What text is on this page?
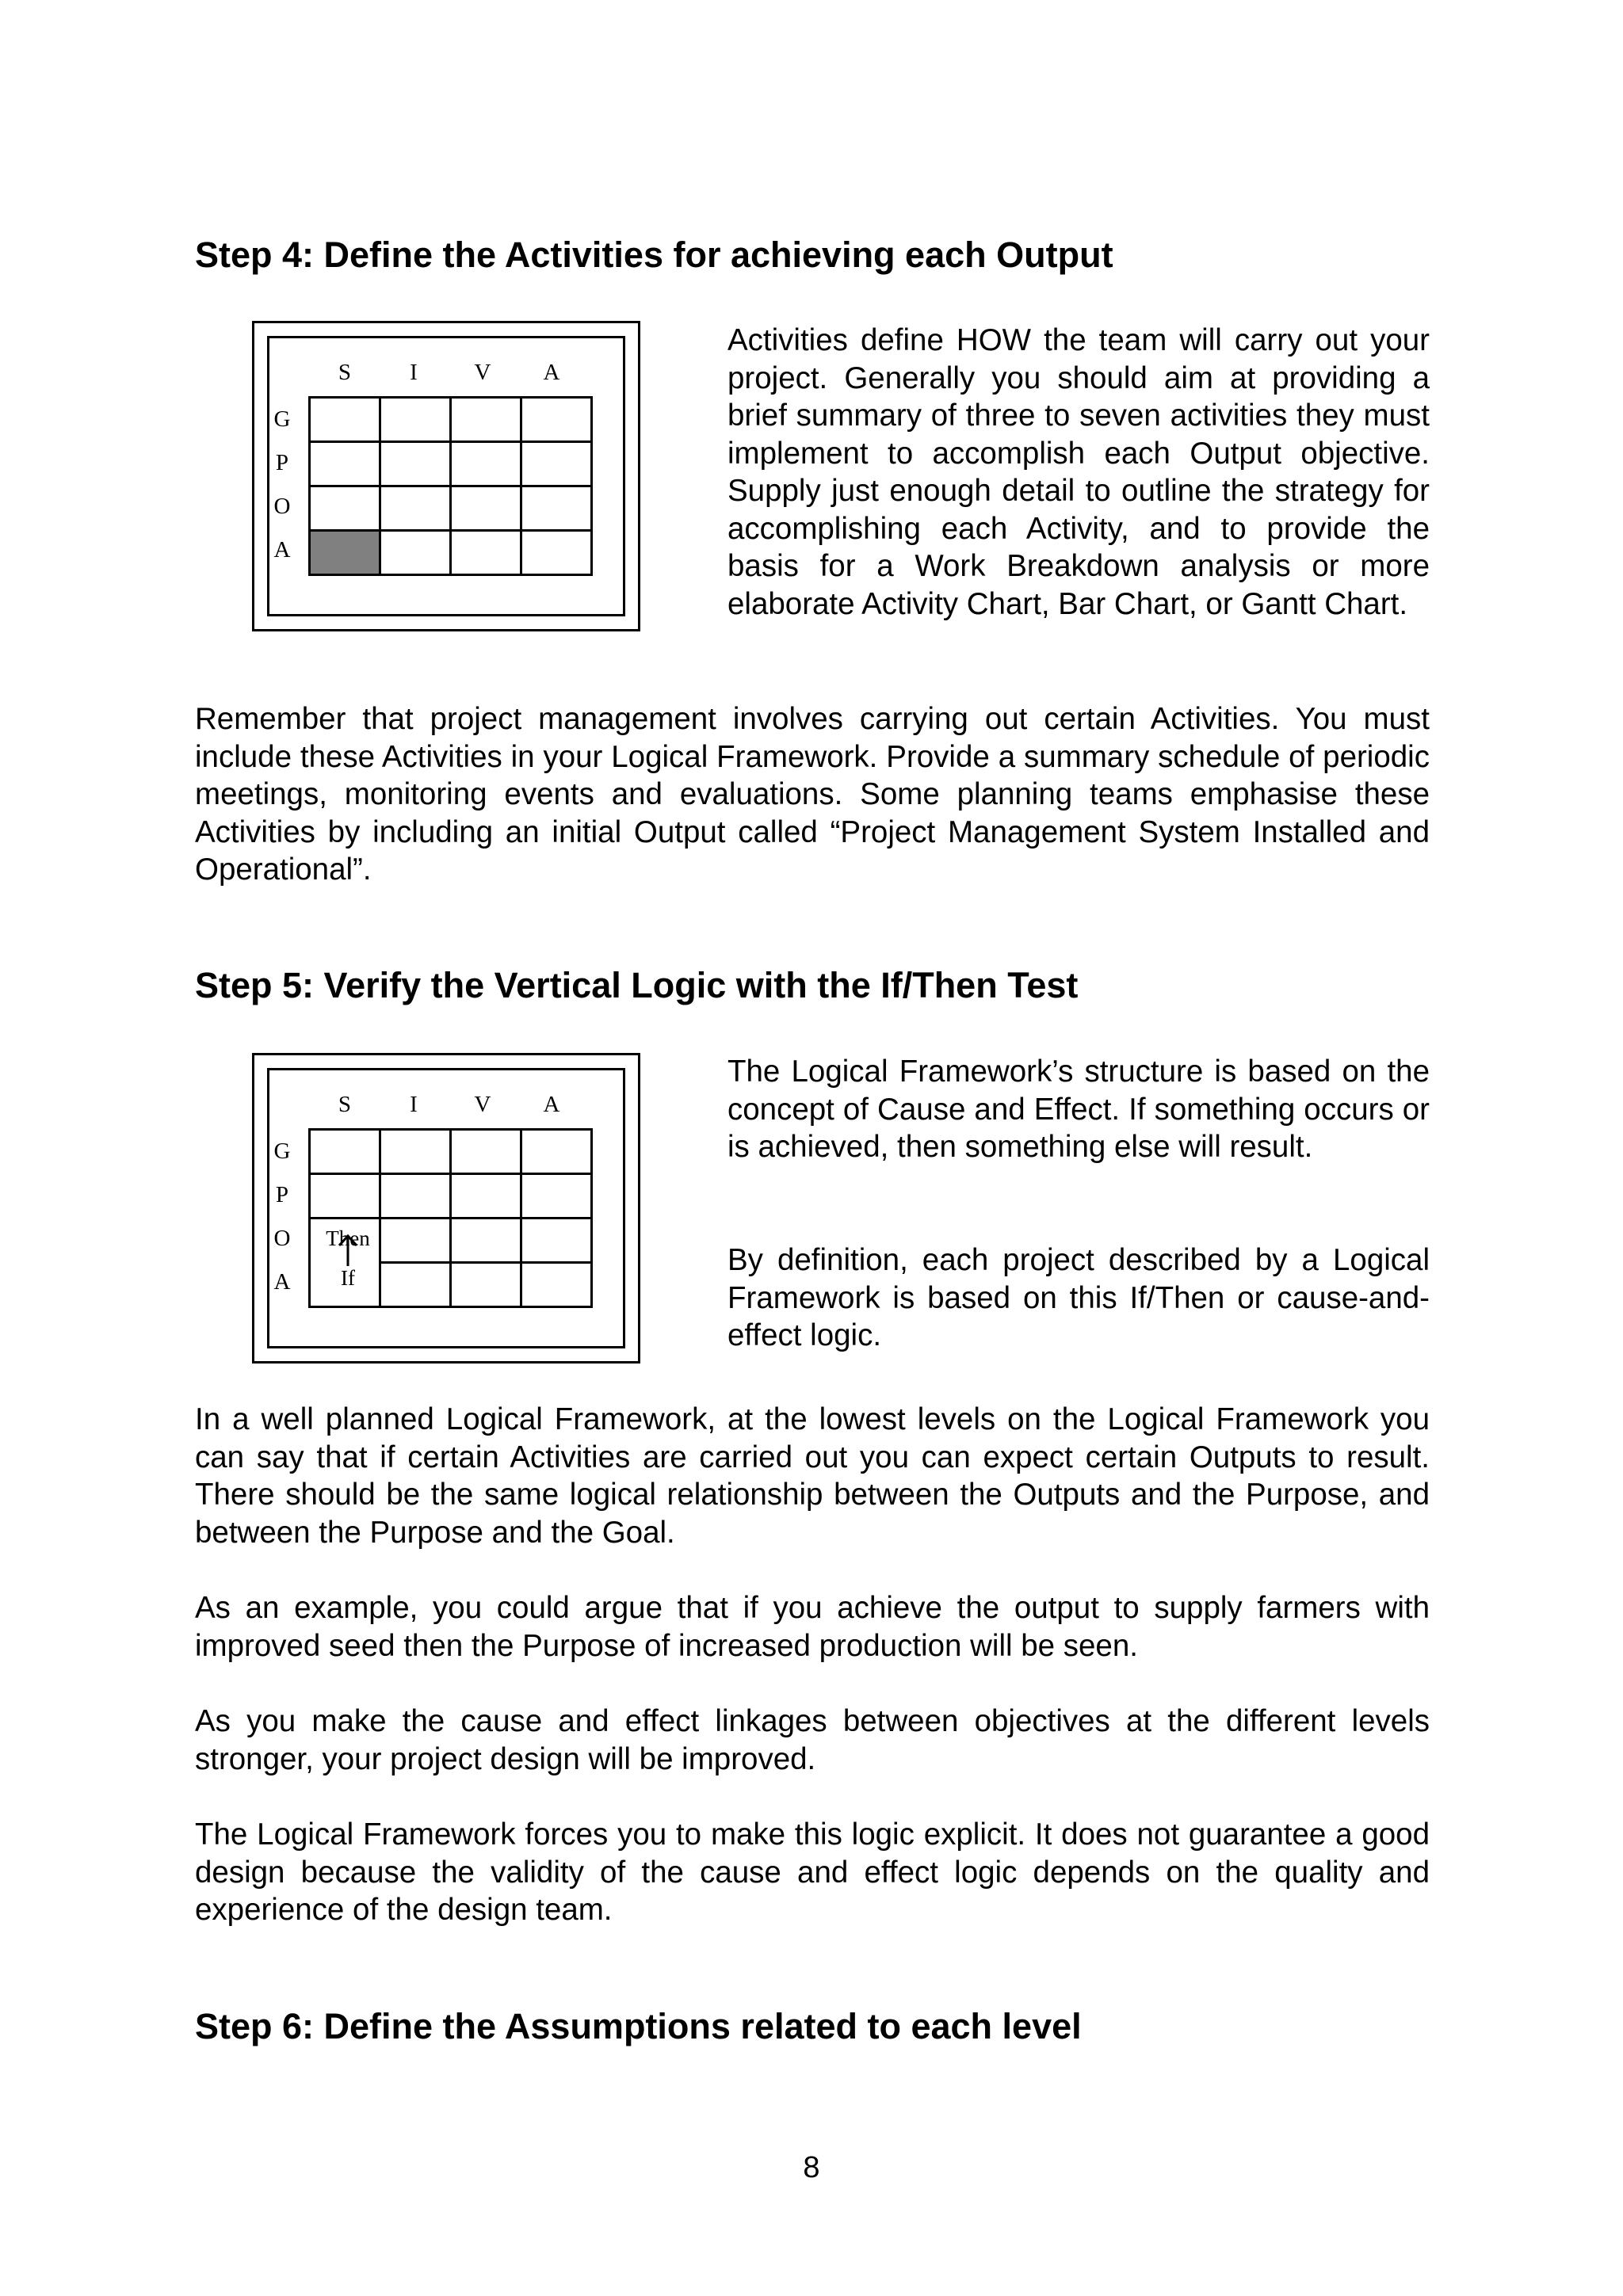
Step 4: Define the Activities for achieving each Output
S	I	V	A
G
P
O
A

Activities define HOW the team will carry out your project. Generally you should aim at providing a brief summary of three to seven activities they must implement to accomplish each Output objective. Supply just enough detail to outline the strategy for accomplishing each Activity, and to provide the basis for a Work Breakdown analysis or more elaborate Activity Chart, Bar Chart, or Gantt Chart.

Remember that project management involves carrying out certain Activities. You must include these Activities in your Logical Framework. Provide a summary schedule of periodic meetings, monitoring events and evaluations. Some planning teams emphasise these Activities by including an initial Output called “Project Management System Installed and Operational”.

Step 5: Verify the Vertical Logic with the If/Then Test
S	I	V	A
G
P
O
A

Then
If

The Logical Framework’s structure is based on the concept of Cause and Effect. If something occurs or is achieved, then something else will result.

By definition, each project described by a Logical Framework is based on this If/Then or cause-and-effect logic.

In a well planned Logical Framework, at the lowest levels on the Logical Framework you can say that if certain Activities are carried out you can expect certain Outputs to result. There should be the same logical relationship between the Outputs and the Purpose, and between the Purpose and the Goal.

As an example, you could argue that if you achieve the output to supply farmers with improved seed then the Purpose of increased production will be seen.

As you make the cause and effect linkages between objectives at the different levels stronger, your project design will be improved.

The Logical Framework forces you to make this logic explicit. It does not guarantee a good design because the validity of the cause and effect logic depends on the quality and experience of the design team.

Step 6: Define the Assumptions related to each level
8
